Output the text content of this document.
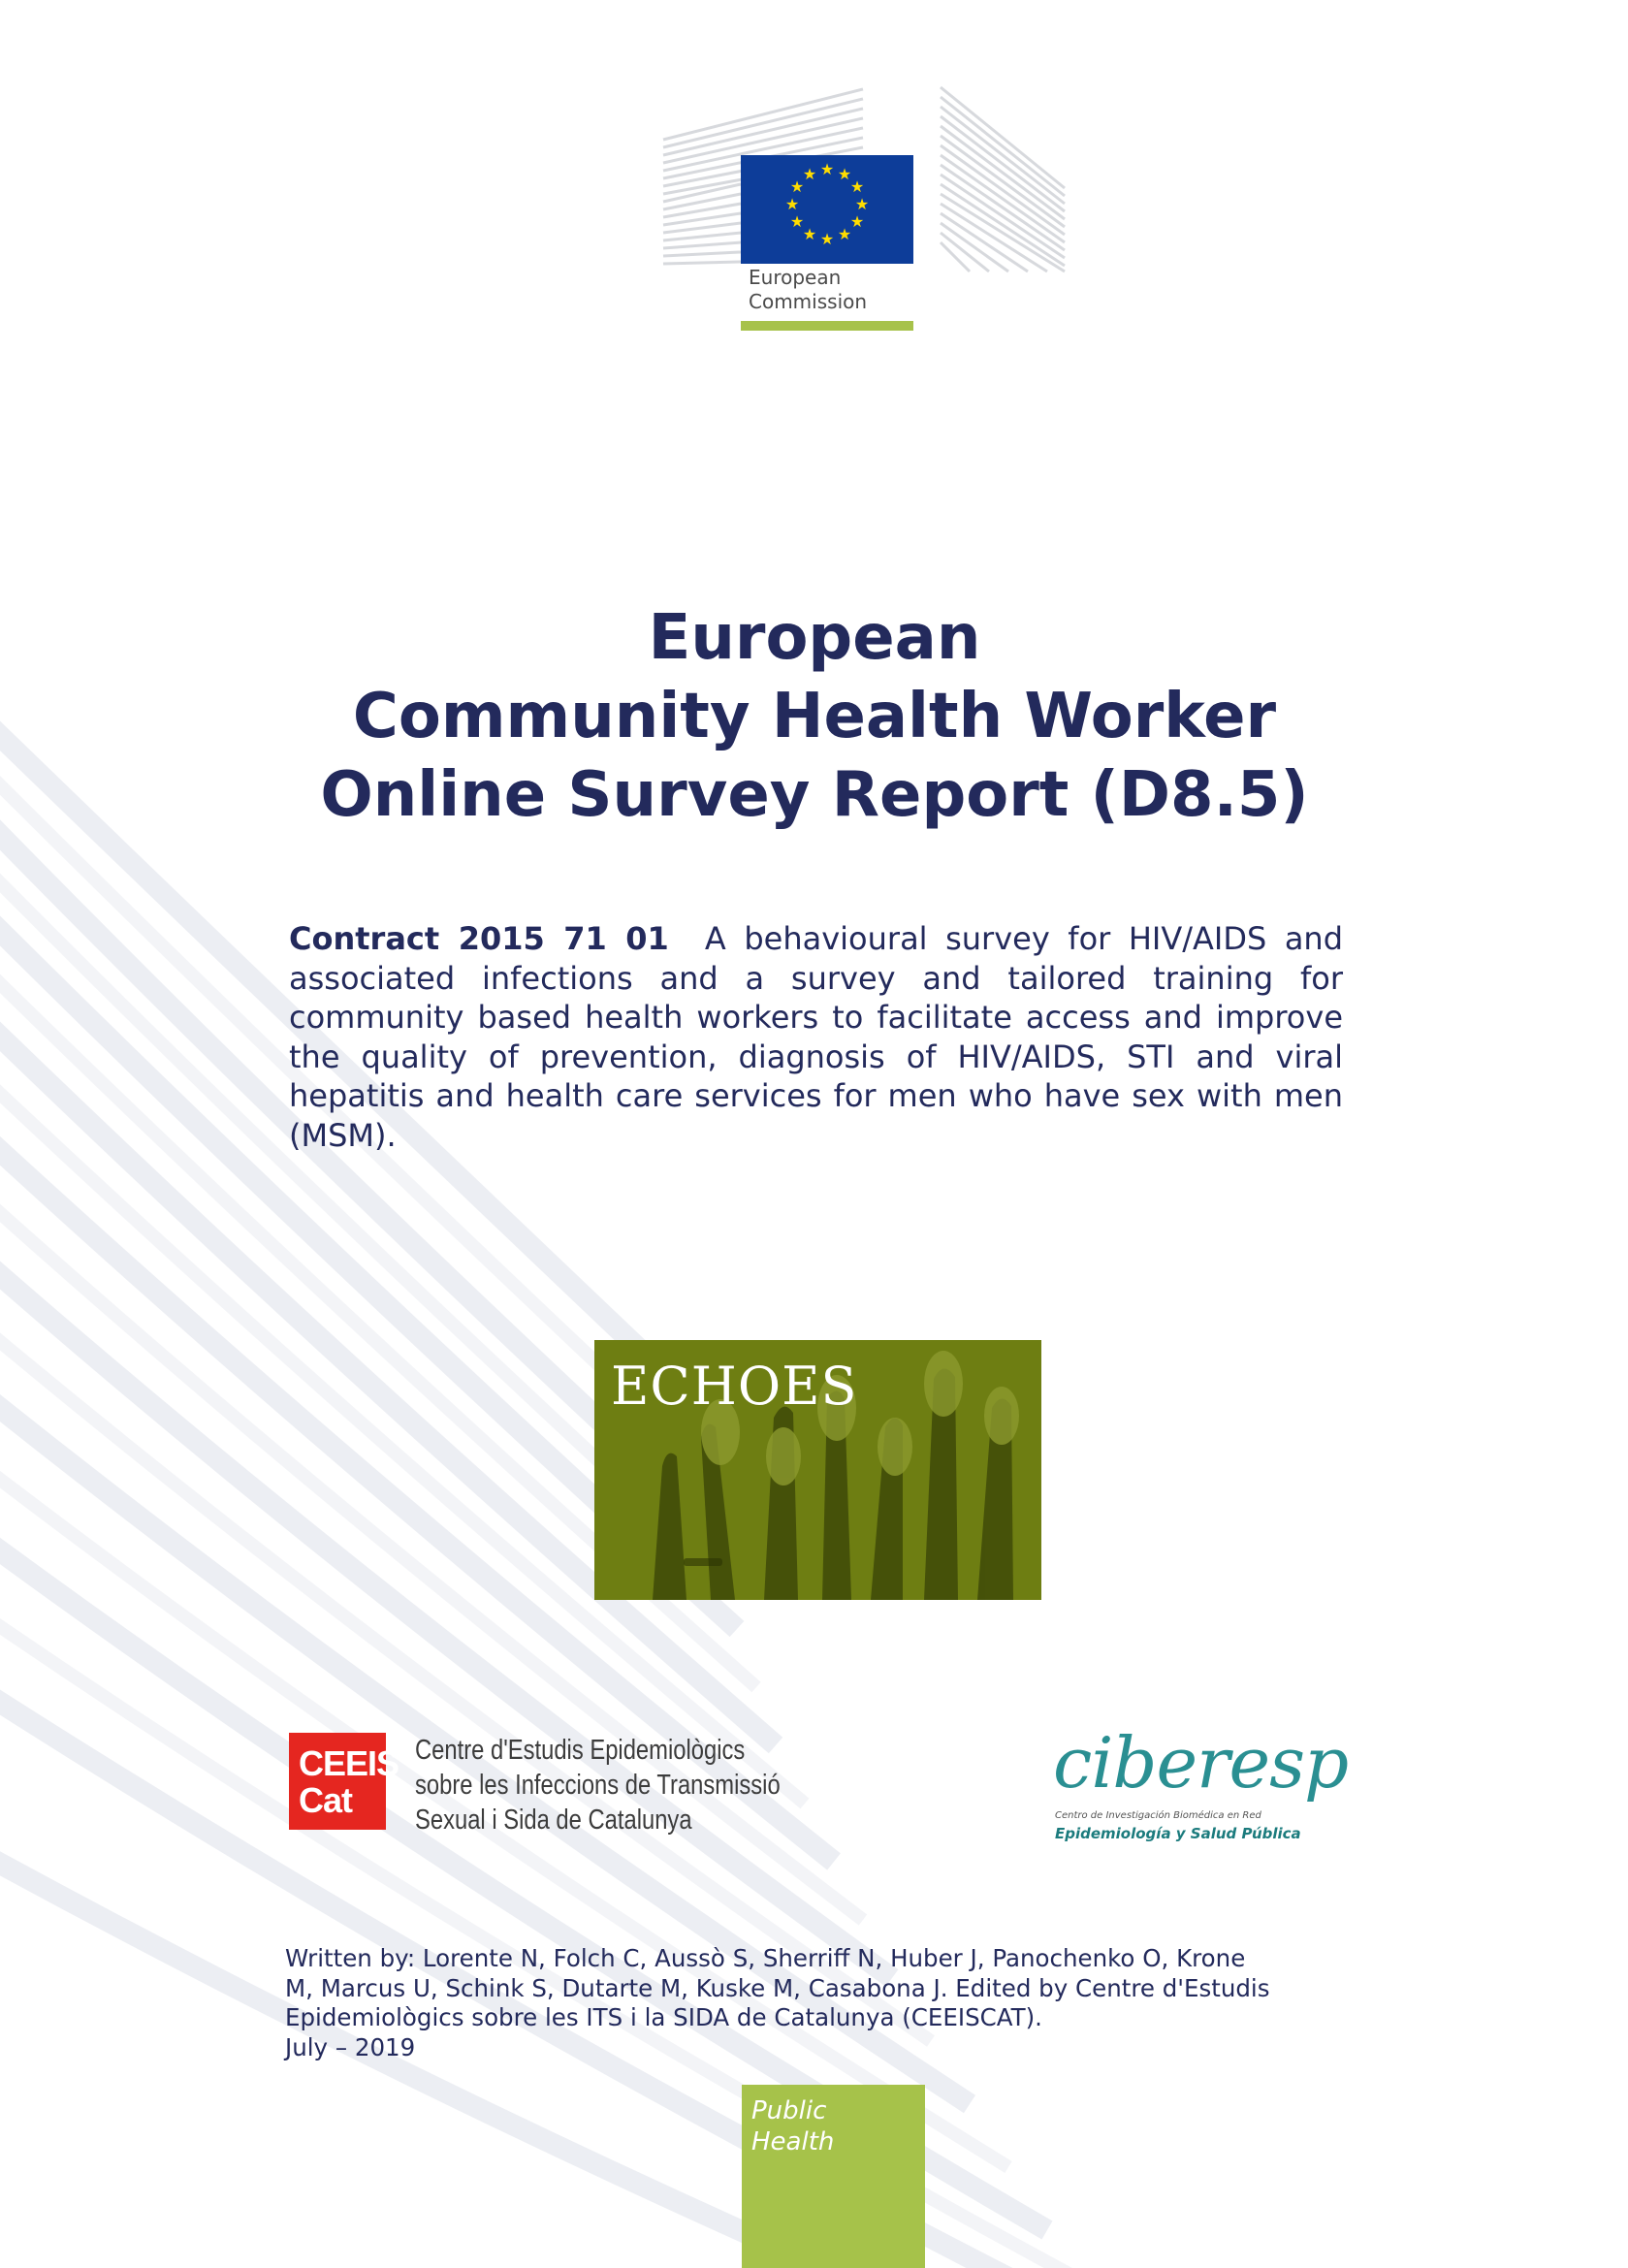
★ ★
★
★
★
★
★
★
★
★
★
★
European
Commission
European
Community Health Worker
Online Survey Report (D8.5)

Contract 2015 71 01 A behavioural survey for HIV/AIDS and associated infections and a survey and tailored training for community based health workers to facilitate access and improve the quality of prevention, diagnosis of HIV/AIDS, STI and viral hepatitis and health care services for men who have sex with men (MSM).

ECHOES
CEEIS
Cat
Centre d'Estudis Epidemiològics
sobre les Infeccions de Transmissió
Sexual i Sida de Catalunya
ciberesp
Centro de Investigación Biomédica en Red
Epidemiología y Salud Pública
Written by: Lorente N, Folch C, Aussò S, Sherriff N, Huber J, Panochenko O, Krone
M, Marcus U, Schink S, Dutarte M, Kuske M, Casabona J. Edited by Centre d'Estudis
Epidemiològics sobre les ITS i la SIDA de Catalunya (CEEISCAT).
July – 2019
Public
Health
